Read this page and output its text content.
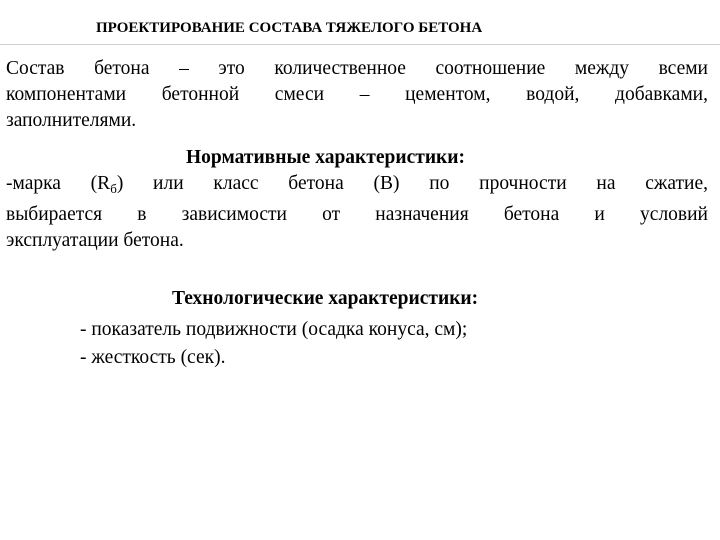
ПРОЕКТИРОВАНИЕ СОСТАВА ТЯЖЕЛОГО БЕТОНА

Состав бетона – это количественное соотношение между всеми
компонентами бетонной смеси – цементом, водой, добавками,
заполнителями.

Нормативные характеристики:

-марка $(R_б)$ или класс бетона (В) по прочности на сжатие,
выбирается в зависимости от назначения бетона и условий
эксплуатации бетона.

Технологические характеристики:
- показатель подвижности (осадка конуса, см);
- жесткость (сек).
